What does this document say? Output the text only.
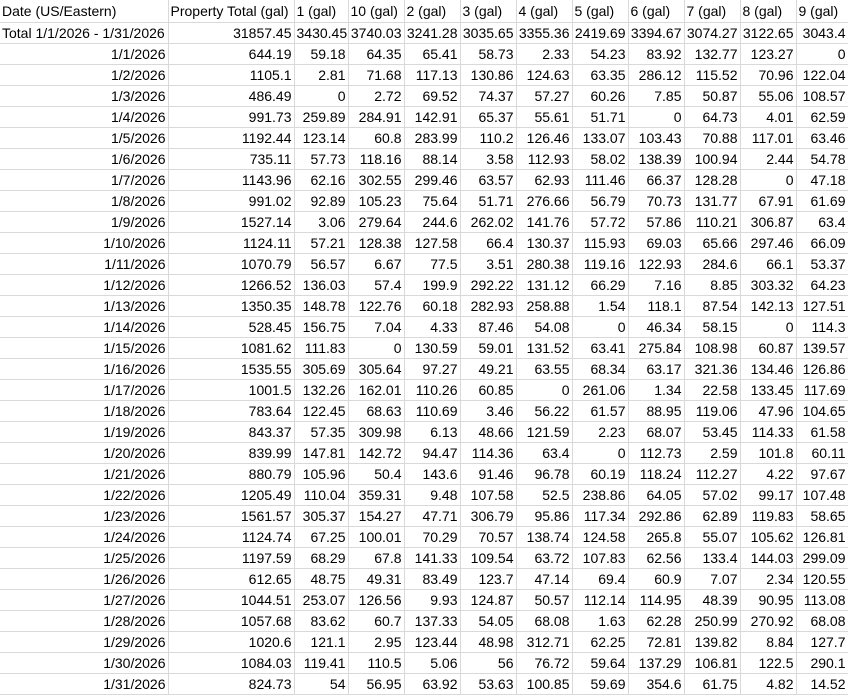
Date (US/Eastern)	Property Total (gal)	1 (gal)	10 (gal)	2 (gal)	3 (gal)	4 (gal)	5 (gal)	6 (gal)	7 (gal)	8 (gal)	9 (gal)
Total 1/1/2026 - 1/31/2026	31857.45	3430.45	3740.03	3241.28	3035.65	3355.36	2419.69	3394.67	3074.27	3122.65	3043.4
1/1/2026	644.19	59.18	64.35	65.41	58.73	2.33	54.23	83.92	132.77	123.27	0
1/2/2026	1105.1	2.81	71.68	117.13	130.86	124.63	63.35	286.12	115.52	70.96	122.04
1/3/2026	486.49	0	2.72	69.52	74.37	57.27	60.26	7.85	50.87	55.06	108.57
1/4/2026	991.73	259.89	284.91	142.91	65.37	55.61	51.71	0	64.73	4.01	62.59
1/5/2026	1192.44	123.14	60.8	283.99	110.2	126.46	133.07	103.43	70.88	117.01	63.46
1/6/2026	735.11	57.73	118.16	88.14	3.58	112.93	58.02	138.39	100.94	2.44	54.78
1/7/2026	1143.96	62.16	302.55	299.46	63.57	62.93	111.46	66.37	128.28	0	47.18
1/8/2026	991.02	92.89	105.23	75.64	51.71	276.66	56.79	70.73	131.77	67.91	61.69
1/9/2026	1527.14	3.06	279.64	244.6	262.02	141.76	57.72	57.86	110.21	306.87	63.4
1/10/2026	1124.11	57.21	128.38	127.58	66.4	130.37	115.93	69.03	65.66	297.46	66.09
1/11/2026	1070.79	56.57	6.67	77.5	3.51	280.38	119.16	122.93	284.6	66.1	53.37
1/12/2026	1266.52	136.03	57.4	199.9	292.22	131.12	66.29	7.16	8.85	303.32	64.23
1/13/2026	1350.35	148.78	122.76	60.18	282.93	258.88	1.54	118.1	87.54	142.13	127.51
1/14/2026	528.45	156.75	7.04	4.33	87.46	54.08	0	46.34	58.15	0	114.3
1/15/2026	1081.62	111.83	0	130.59	59.01	131.52	63.41	275.84	108.98	60.87	139.57
1/16/2026	1535.55	305.69	305.64	97.27	49.21	63.55	68.34	63.17	321.36	134.46	126.86
1/17/2026	1001.5	132.26	162.01	110.26	60.85	0	261.06	1.34	22.58	133.45	117.69
1/18/2026	783.64	122.45	68.63	110.69	3.46	56.22	61.57	88.95	119.06	47.96	104.65
1/19/2026	843.37	57.35	309.98	6.13	48.66	121.59	2.23	68.07	53.45	114.33	61.58
1/20/2026	839.99	147.81	142.72	94.47	114.36	63.4	0	112.73	2.59	101.8	60.11
1/21/2026	880.79	105.96	50.4	143.6	91.46	96.78	60.19	118.24	112.27	4.22	97.67
1/22/2026	1205.49	110.04	359.31	9.48	107.58	52.5	238.86	64.05	57.02	99.17	107.48
1/23/2026	1561.57	305.37	154.27	47.71	306.79	95.86	117.34	292.86	62.89	119.83	58.65
1/24/2026	1124.74	67.25	100.01	70.29	70.57	138.74	124.58	265.8	55.07	105.62	126.81
1/25/2026	1197.59	68.29	67.8	141.33	109.54	63.72	107.83	62.56	133.4	144.03	299.09
1/26/2026	612.65	48.75	49.31	83.49	123.7	47.14	69.4	60.9	7.07	2.34	120.55
1/27/2026	1044.51	253.07	126.56	9.93	124.87	50.57	112.14	114.95	48.39	90.95	113.08
1/28/2026	1057.68	83.62	60.7	137.33	54.05	68.08	1.63	62.28	250.99	270.92	68.08
1/29/2026	1020.6	121.1	2.95	123.44	48.98	312.71	62.25	72.81	139.82	8.84	127.7
1/30/2026	1084.03	119.41	110.5	5.06	56	76.72	59.64	137.29	106.81	122.5	290.1
1/31/2026	824.73	54	56.95	63.92	53.63	100.85	59.69	354.6	61.75	4.82	14.52
